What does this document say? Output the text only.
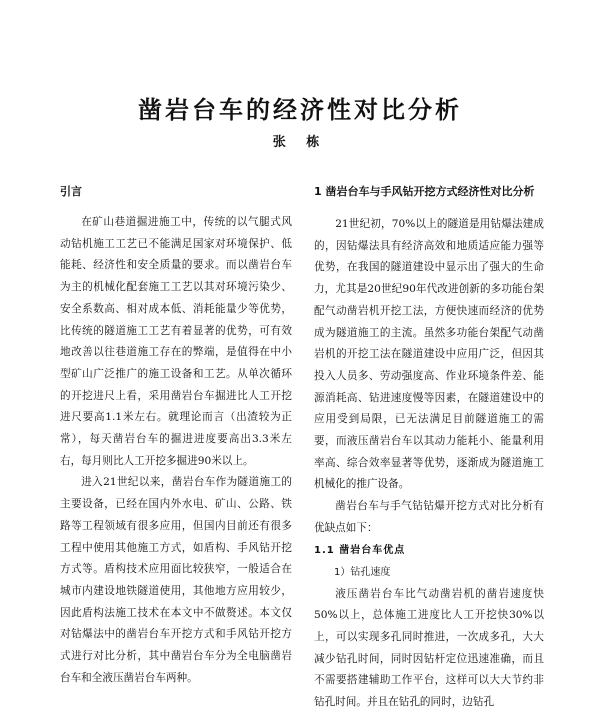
凿岩台车的经济性对比分析
张 栋

引言

在矿山巷道掘进施工中，传统的以气腿式风动钻机施工工艺已不能满足国家对环境保护、低能耗、经济性和安全质量的要求。而以凿岩台车为主的机械化配套施工工艺以其对环境污染少、安全系数高、相对成本低、消耗能量少等优势，比传统的隧道施工工艺有着显著的优势，可有效地改善以往巷道施工存在的弊端，是值得在中小型矿山广泛推广的施工设备和工艺。从单次循环的开挖进尺上看，采用凿岩台车掘进比人工开挖进尺要高1.1米左右。就理论而言（出渣较为正常），每天凿岩台车的掘进进度要高出3.3米左右，每月则比人工开挖多掘进90米以上。

进入21世纪以来，凿岩台车作为隧道施工的主要设备，已经在国内外水电、矿山、公路、铁路等工程领域有很多应用，但国内目前还有很多工程中使用其他施工方式，如盾构、手风钻开挖方式等。盾构技术应用面比较狭窄，一般适合在城市内建设地铁隧道使用，其他地方应用较少，因此盾构法施工技术在本文中不做赘述。本文仅对钻爆法中的凿岩台车开挖方式和手风钻开挖方式进行对比分析，其中凿岩台车分为全电脑凿岩台车和全液压凿岩台车两种。

1 凿岩台车与手风钻开挖方式经济性对比分析

21世纪初，70%以上的隧道是用钻爆法建成的，因钻爆法具有经济高效和地质适应能力强等优势，在我国的隧道建设中显示出了强大的生命力，尤其是20世纪90年代改进创新的多功能台架配气动凿岩机开挖工法，方便快速而经济的优势成为隧道施工的主流。虽然多功能台架配气动凿岩机的开挖工法在隧道建设中应用广泛，但因其投入人员多、劳动强度高、作业环境条件差、能源消耗高、钻进速度慢等因素，在隧道建设中的应用受到局限，已无法满足目前隧道施工的需要，而液压凿岩台车以其动力能耗小、能量利用率高、综合效率显著等优势，逐渐成为隧道施工机械化的推广设备。

凿岩台车与手气钻钻爆开挖方式对比分析有优缺点如下：

1.1 凿岩台车优点

1）钻孔速度

液压凿岩台车比气动凿岩机的凿岩速度快50%以上，总体施工进度比人工开挖快30%以上，可以实现多孔同时推进，一次成多孔，大大减少钻孔时间，同时因钻杆定位迅速准确，而且不需要搭建辅助工作平台，这样可以大大节约非钻孔时间。并且在钻孔的同时，边钻孔
